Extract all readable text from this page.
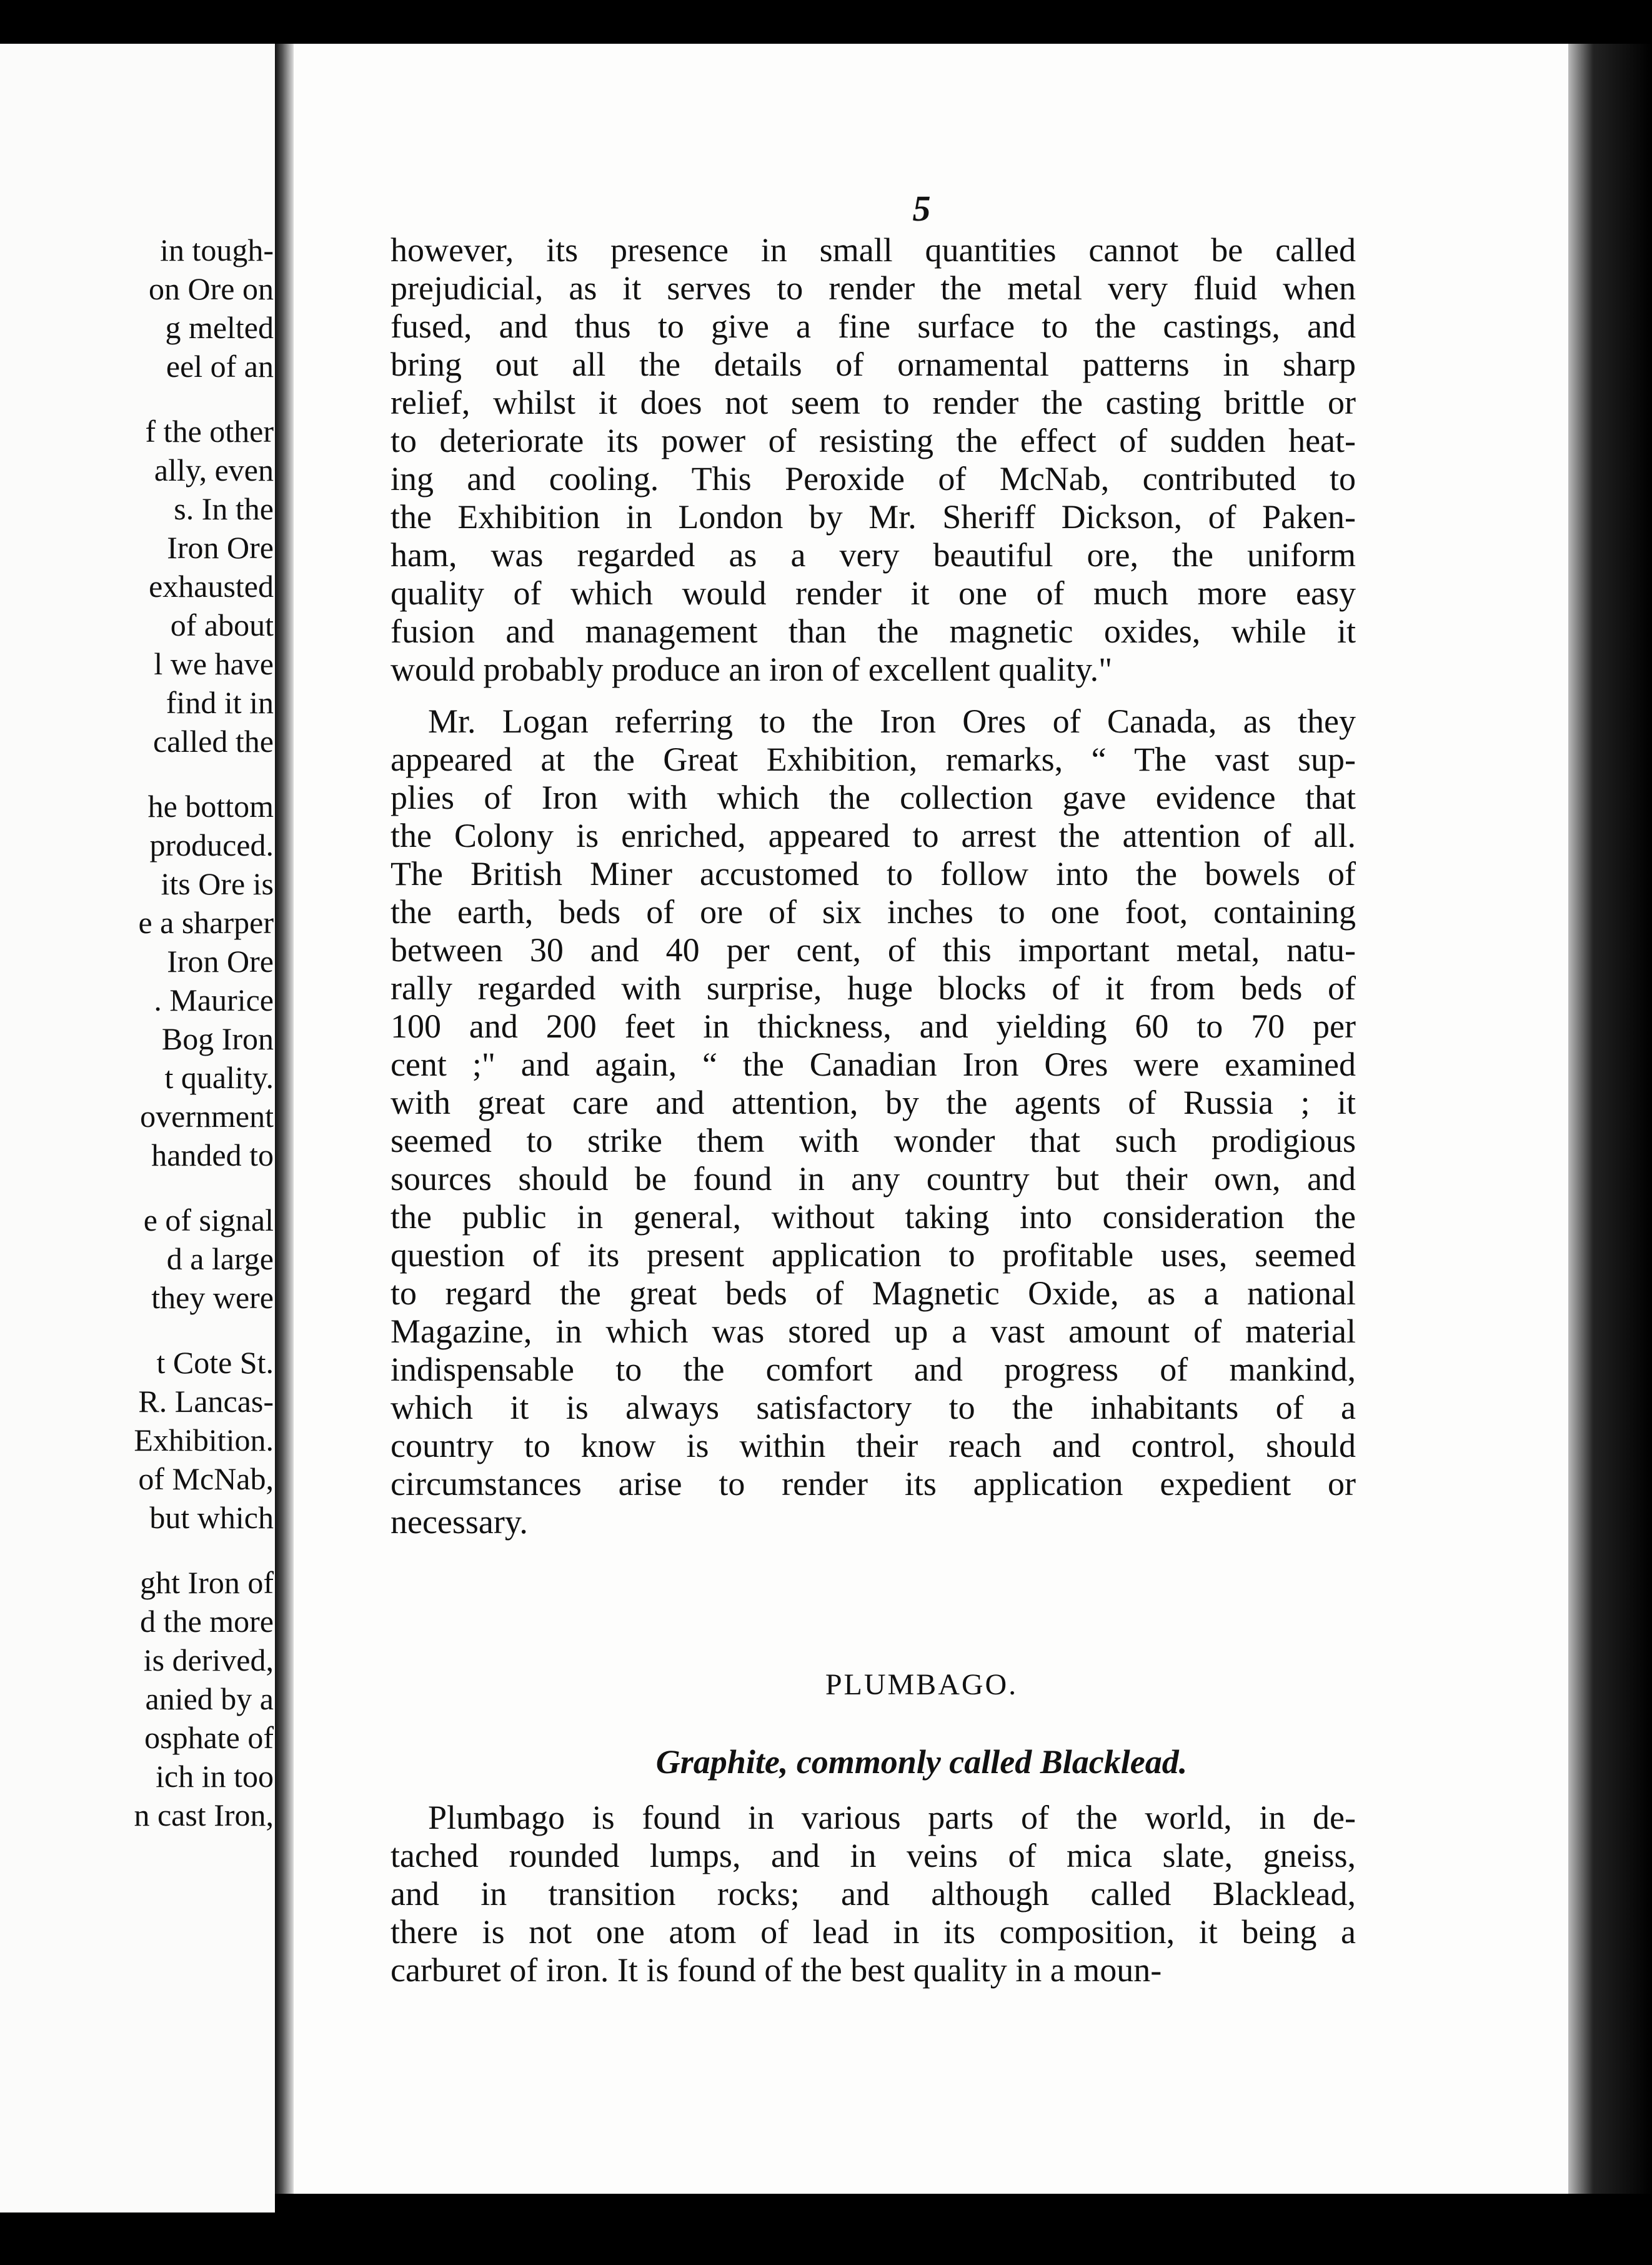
in tough-
on Ore on
g melted
eel of an
f the other
ally, even
s. In the
Iron Ore
exhausted
of about
l we have
find it in
called the
he bottom
produced.
its Ore is
e a sharper
Iron Ore
. Maurice
Bog Iron
t quality.
overnment
handed to
e of signal
d a large
they were
t Cote St.
R. Lancas-
Exhibition.
of McNab,
but which
ght Iron of
d the more
is derived,
anied by a
osphate of
ich in too
n cast Iron,
5

however, its presence in small quantities cannot be called
prejudicial, as it serves to render the metal very fluid when
fused, and thus to give a fine surface to the castings, and
bring out all the details of ornamental patterns in sharp
relief, whilst it does not seem to render the casting brittle or
to deteriorate its power of resisting the effect of sudden heat-
ing and cooling. This Peroxide of McNab, contributed to
the Exhibition in London by Mr. Sheriff Dickson, of Paken-
ham, was regarded as a very beautiful ore, the uniform
quality of which would render it one of much more easy
fusion and management than the magnetic oxides, while it
would probably produce an iron of excellent quality."

Mr. Logan referring to the Iron Ores of Canada, as they
appeared at the Great Exhibition, remarks, “ The vast sup-
plies of Iron with which the collection gave evidence that
the Colony is enriched, appeared to arrest the attention of all.
The British Miner accustomed to follow into the bowels of
the earth, beds of ore of six inches to one foot, containing
between 30 and 40 per cent, of this important metal, natu-
rally regarded with surprise, huge blocks of it from beds of
100 and 200 feet in thickness, and yielding 60 to 70 per
cent ;" and again, “ the Canadian Iron Ores were examined
with great care and attention, by the agents of Russia ; it
seemed to strike them with wonder that such prodigious
sources should be found in any country but their own, and
the public in general, without taking into consideration the
question of its present application to profitable uses, seemed
to regard the great beds of Magnetic Oxide, as a national
Magazine, in which was stored up a vast amount of material
indispensable to the comfort and progress of mankind,
which it is always satisfactory to the inhabitants of a
country to know is within their reach and control, should
circumstances arise to render its application expedient or
necessary.

PLUMBAGO.
Graphite, commonly called Blacklead.

Plumbago is found in various parts of the world, in de-
tached rounded lumps, and in veins of mica slate, gneiss,
and in transition rocks; and although called Blacklead,
there is not one atom of lead in its composition, it being a
carburet of iron. It is found of the best quality in a moun-
